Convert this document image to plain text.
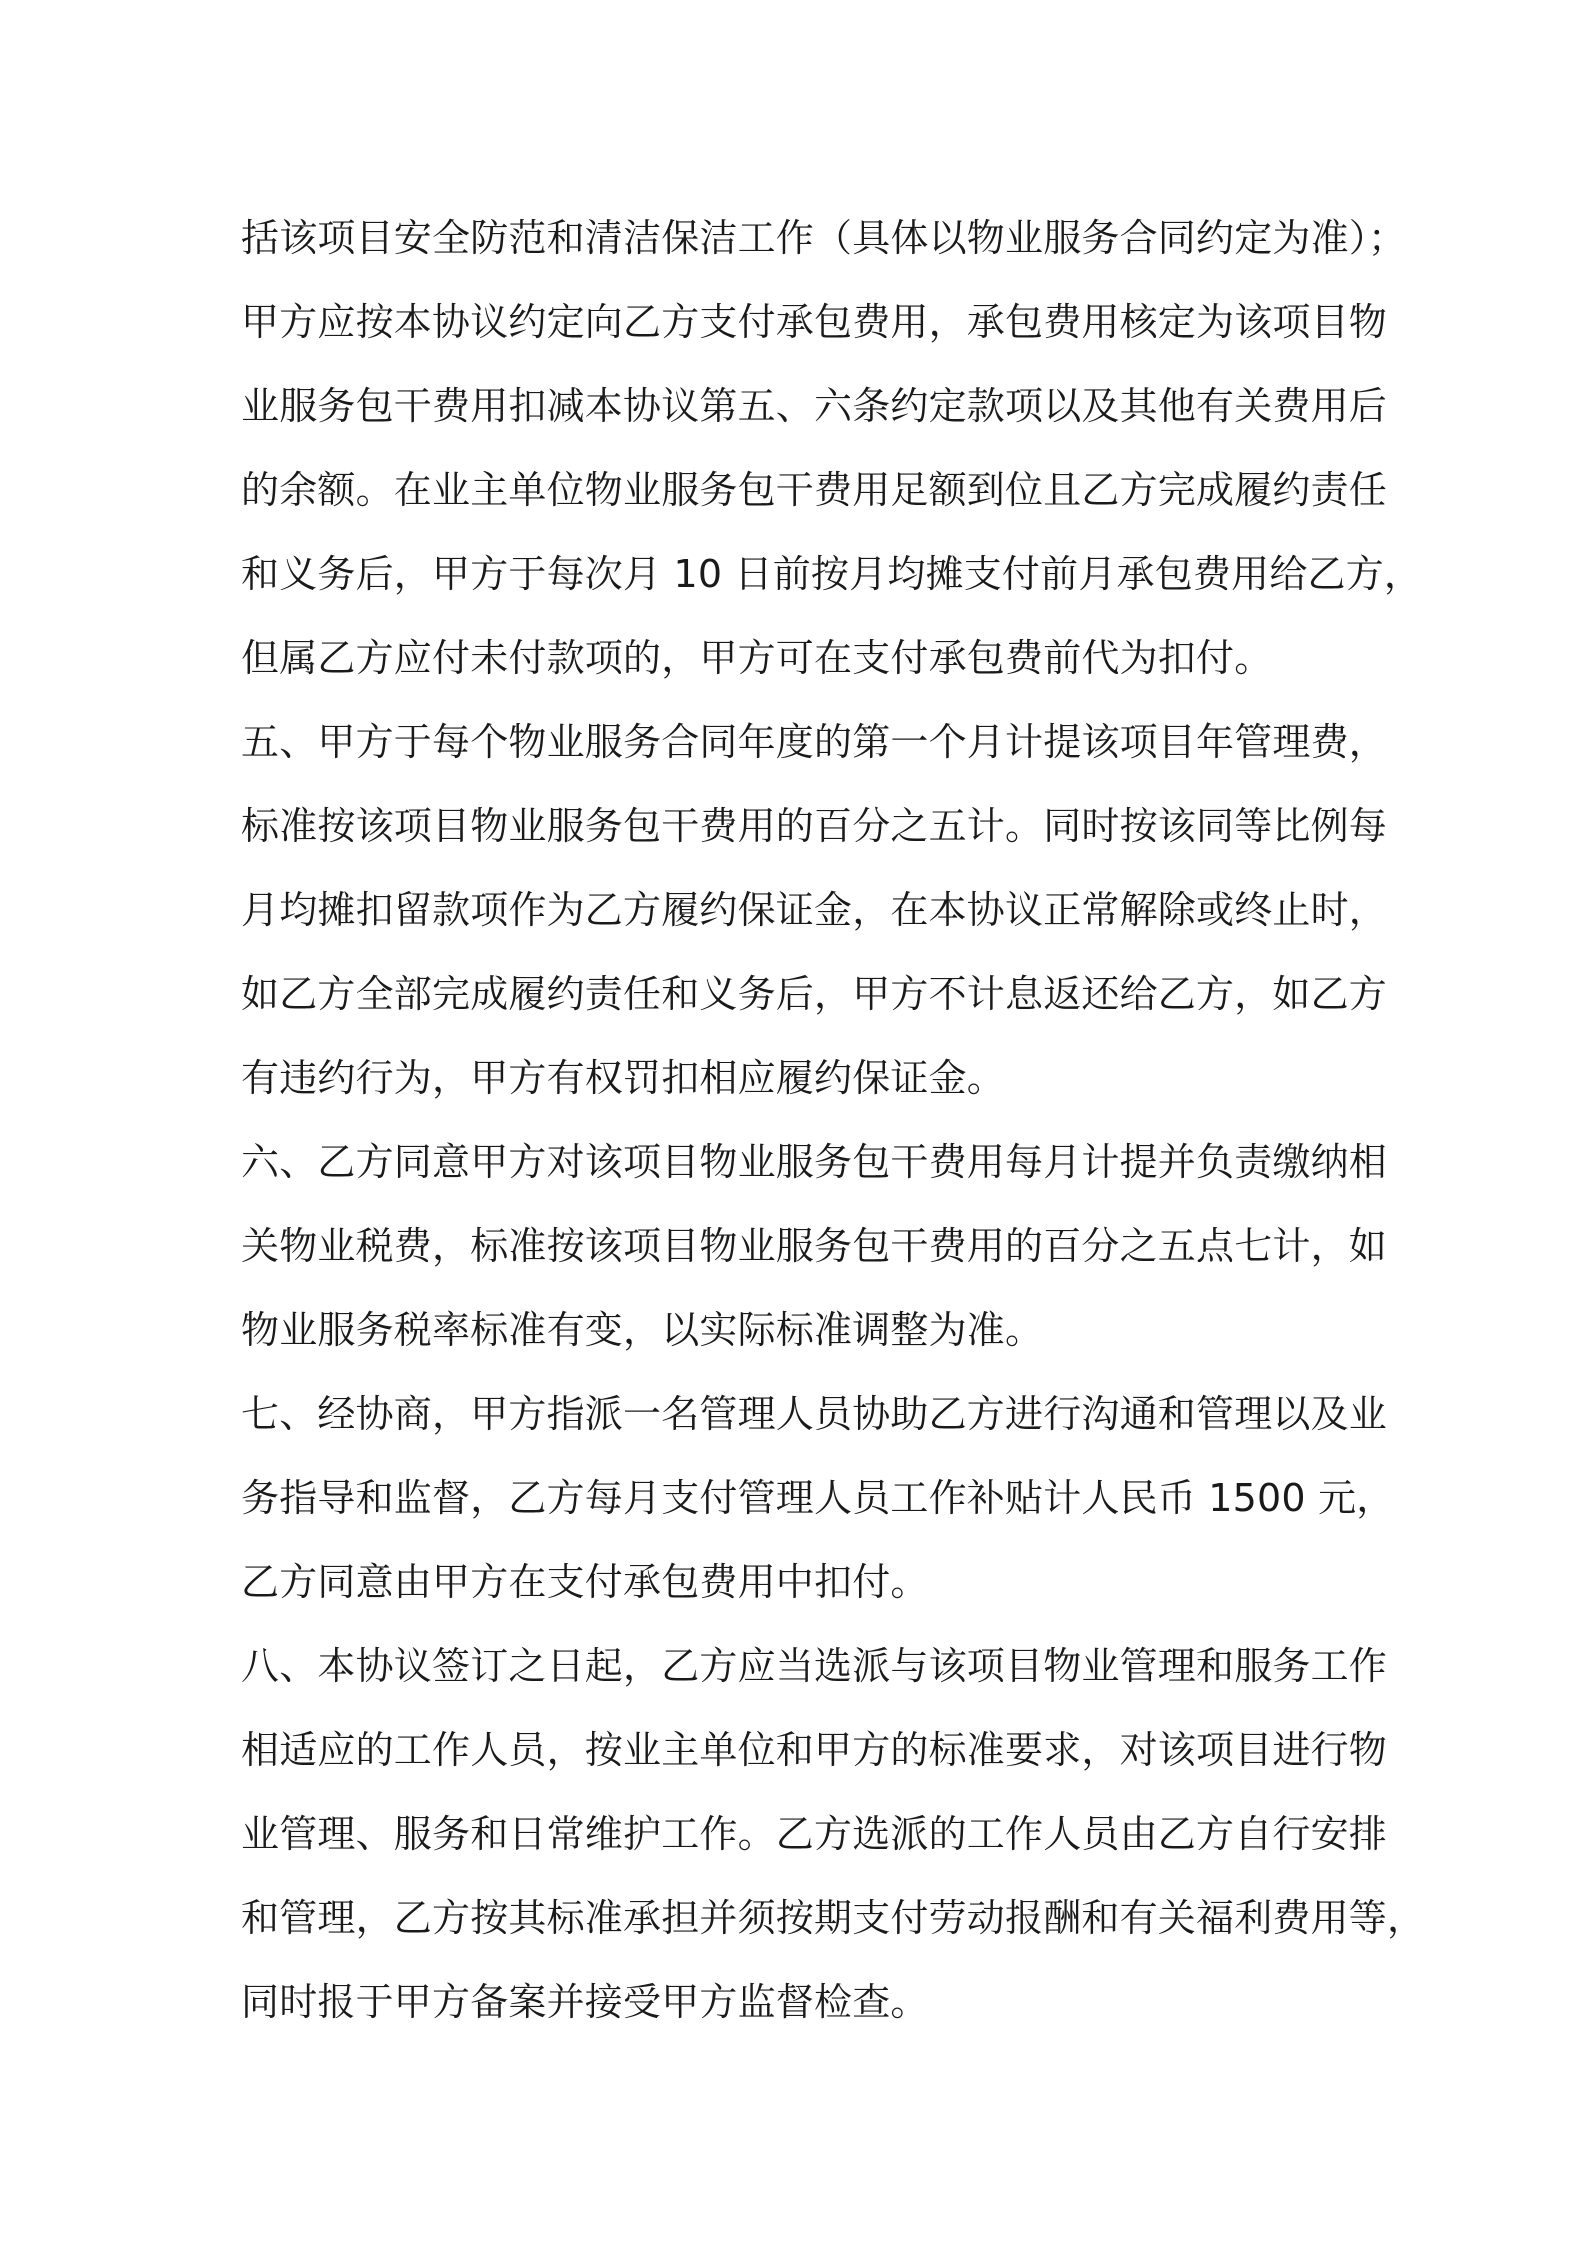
括该项目安全防范和清洁保洁工作（具体以物业服务合同约定为准）；
甲方应按本协议约定向乙方支付承包费用，承包费用核定为该项目物
业服务包干费用扣减本协议第五、六条约定款项以及其他有关费用后
的余额。在业主单位物业服务包干费用足额到位且乙方完成履约责任
和义务后，甲方于每次月 10 日前按月均摊支付前月承包费用给乙方，
但属乙方应付未付款项的，甲方可在支付承包费前代为扣付。
五、甲方于每个物业服务合同年度的第一个月计提该项目年管理费，
标准按该项目物业服务包干费用的百分之五计。同时按该同等比例每
月均摊扣留款项作为乙方履约保证金，在本协议正常解除或终止时，
如乙方全部完成履约责任和义务后，甲方不计息返还给乙方，如乙方
有违约行为，甲方有权罚扣相应履约保证金。
六、乙方同意甲方对该项目物业服务包干费用每月计提并负责缴纳相
关物业税费，标准按该项目物业服务包干费用的百分之五点七计，如
物业服务税率标准有变，以实际标准调整为准。
七、经协商，甲方指派一名管理人员协助乙方进行沟通和管理以及业
务指导和监督，乙方每月支付管理人员工作补贴计人民币 1500 元，
乙方同意由甲方在支付承包费用中扣付。
八、本协议签订之日起，乙方应当选派与该项目物业管理和服务工作
相适应的工作人员，按业主单位和甲方的标准要求，对该项目进行物
业管理、服务和日常维护工作。乙方选派的工作人员由乙方自行安排
和管理，乙方按其标准承担并须按期支付劳动报酬和有关福利费用等，
同时报于甲方备案并接受甲方监督检查。
